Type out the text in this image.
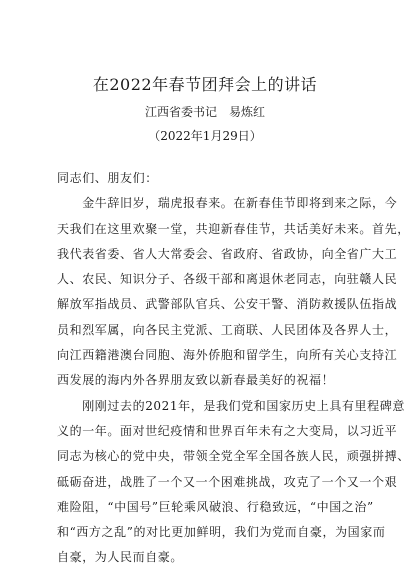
在2022年春节团拜会上的讲话
江西省委书记　易炼红
（2022年1月29日）
同志们、朋友们：
　　金牛辞旧岁，瑞虎报春来。在新春佳节即将到来之际，今
天我们在这里欢聚一堂，共迎新春佳节，共话美好未来。首先，
我代表省委、省人大常委会、省政府、省政协，向全省广大工
人、农民、知识分子、各级干部和离退休老同志，向驻赣人民
解放军指战员、武警部队官兵、公安干警、消防救援队伍指战
员和烈军属，向各民主党派、工商联、人民团体及各界人士，
向江西籍港澳台同胞、海外侨胞和留学生，向所有关心支持江
西发展的海内外各界朋友致以新春最美好的祝福！
　　刚刚过去的2021年，是我们党和国家历史上具有里程碑意
义的一年。面对世纪疫情和世界百年未有之大变局，以习近平
同志为核心的党中央，带领全党全军全国各族人民，顽强拼搏、
砥砺奋进，战胜了一个又一个困难挑战，攻克了一个又一个艰
难险阻，“中国号”巨轮乘风破浪、行稳致远，“中国之治”
和“西方之乱”的对比更加鲜明，我们为党而自豪，为国家而
自豪，为人民而自豪。
